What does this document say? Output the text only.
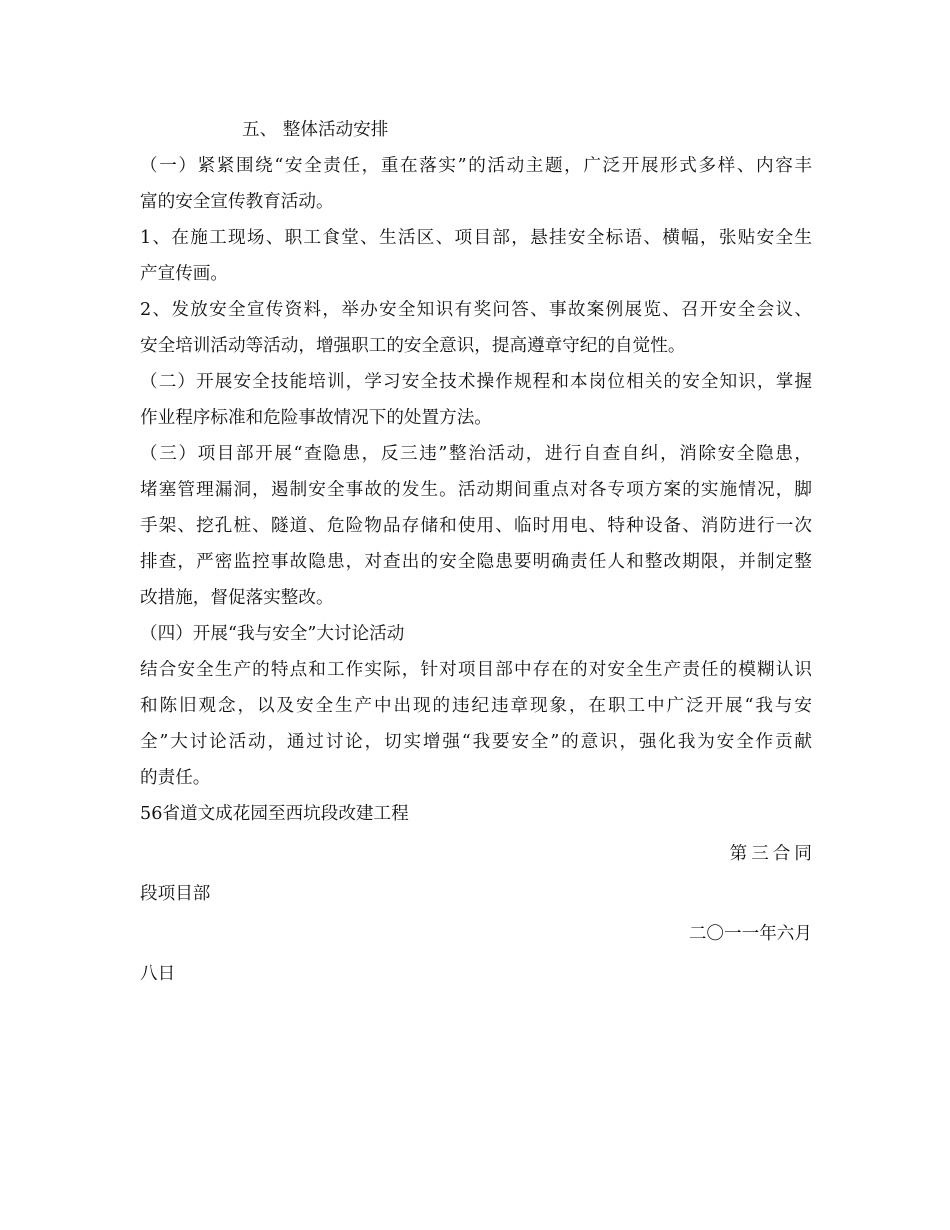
五、 整体活动安排
（一）紧紧围绕“安全责任，重在落实”的活动主题，广泛开展形式多样、内容丰
富的安全宣传教育活动。
1、在施工现场、职工食堂、生活区、项目部，悬挂安全标语、横幅，张贴安全生
产宣传画。
2、发放安全宣传资料，举办安全知识有奖问答、事故案例展览、召开安全会议、
安全培训活动等活动，增强职工的安全意识，提高遵章守纪的自觉性。
（二）开展安全技能培训，学习安全技术操作规程和本岗位相关的安全知识，掌握
作业程序标准和危险事故情况下的处置方法。
（三）项目部开展“查隐患，反三违”整治活动，进行自查自纠，消除安全隐患，
堵塞管理漏洞，遏制安全事故的发生。活动期间重点对各专项方案的实施情况，脚
手架、挖孔桩、隧道、危险物品存储和使用、临时用电、特种设备、消防进行一次
排查，严密监控事故隐患，对查出的安全隐患要明确责任人和整改期限，并制定整
改措施，督促落实整改。
（四）开展“我与安全”大讨论活动
结合安全生产的特点和工作实际，针对项目部中存在的对安全生产责任的模糊认识
和陈旧观念，以及安全生产中出现的违纪违章现象，在职工中广泛开展“我与安
全”大讨论活动，通过讨论，切实增强“我要安全”的意识，强化我为安全作贡献
的责任。
56省道文成花园至西坑段改建工程
第三合同
段项目部
二〇一一年六月
八日
